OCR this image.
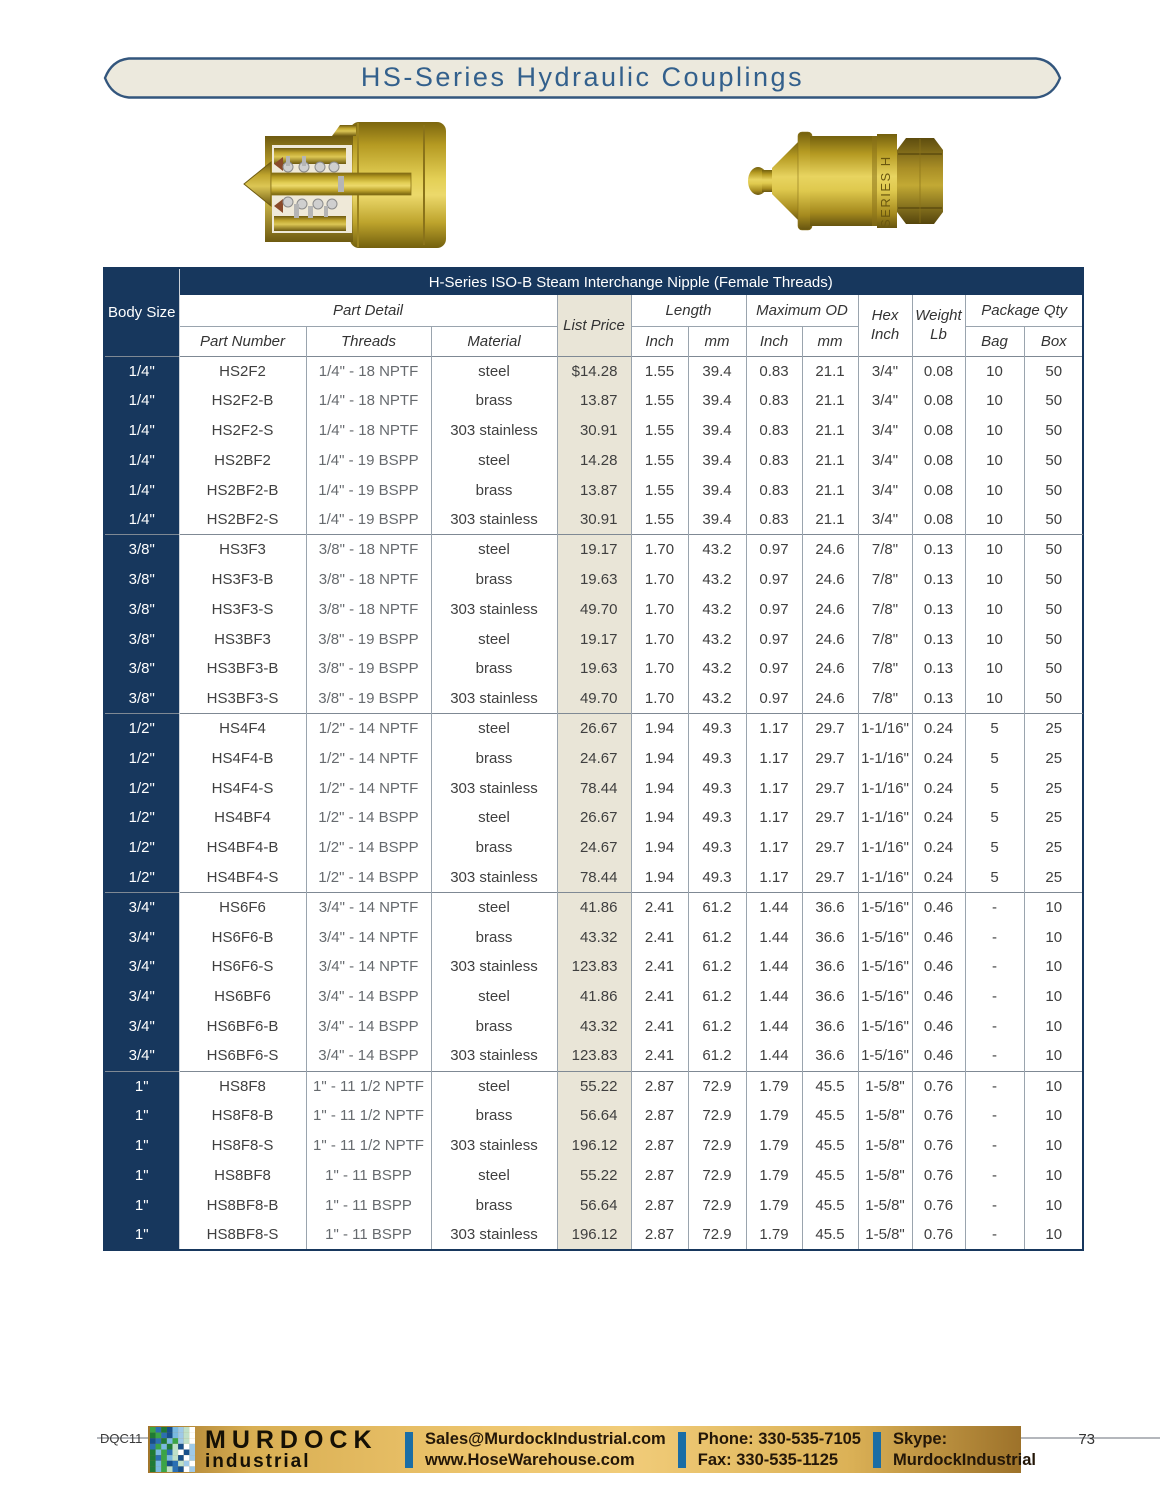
HS-Series Hydraulic Couplings
SERIES H
Body Size	H-Series ISO-B Steam Interchange Nipple (Female Threads)											
	Part Detail			List Price	Length		Maximum OD		Hex Inch	Weight Lb	Package Qty	
	Part Number	Threads	Material		Inch	mm	Inch	mm			Bag	Box
1/4"	HS2F2	1/4" - 18 NPTF	steel	$14.28	1.55	39.4	0.83	21.1	3/4"	0.08	10	50
1/4"	HS2F2-B	1/4" - 18 NPTF	brass	13.87	1.55	39.4	0.83	21.1	3/4"	0.08	10	50
1/4"	HS2F2-S	1/4" - 18 NPTF	303 stainless	30.91	1.55	39.4	0.83	21.1	3/4"	0.08	10	50
1/4"	HS2BF2	1/4" - 19 BSPP	steel	14.28	1.55	39.4	0.83	21.1	3/4"	0.08	10	50
1/4"	HS2BF2-B	1/4" - 19 BSPP	brass	13.87	1.55	39.4	0.83	21.1	3/4"	0.08	10	50
1/4"	HS2BF2-S	1/4" - 19 BSPP	303 stainless	30.91	1.55	39.4	0.83	21.1	3/4"	0.08	10	50
3/8"	HS3F3	3/8" - 18 NPTF	steel	19.17	1.70	43.2	0.97	24.6	7/8"	0.13	10	50
3/8"	HS3F3-B	3/8" - 18 NPTF	brass	19.63	1.70	43.2	0.97	24.6	7/8"	0.13	10	50
3/8"	HS3F3-S	3/8" - 18 NPTF	303 stainless	49.70	1.70	43.2	0.97	24.6	7/8"	0.13	10	50
3/8"	HS3BF3	3/8" - 19 BSPP	steel	19.17	1.70	43.2	0.97	24.6	7/8"	0.13	10	50
3/8"	HS3BF3-B	3/8" - 19 BSPP	brass	19.63	1.70	43.2	0.97	24.6	7/8"	0.13	10	50
3/8"	HS3BF3-S	3/8" - 19 BSPP	303 stainless	49.70	1.70	43.2	0.97	24.6	7/8"	0.13	10	50
1/2"	HS4F4	1/2" - 14 NPTF	steel	26.67	1.94	49.3	1.17	29.7	1-1/16"	0.24	5	25
1/2"	HS4F4-B	1/2" - 14 NPTF	brass	24.67	1.94	49.3	1.17	29.7	1-1/16"	0.24	5	25
1/2"	HS4F4-S	1/2" - 14 NPTF	303 stainless	78.44	1.94	49.3	1.17	29.7	1-1/16"	0.24	5	25
1/2"	HS4BF4	1/2" - 14 BSPP	steel	26.67	1.94	49.3	1.17	29.7	1-1/16"	0.24	5	25
1/2"	HS4BF4-B	1/2" - 14 BSPP	brass	24.67	1.94	49.3	1.17	29.7	1-1/16"	0.24	5	25
1/2"	HS4BF4-S	1/2" - 14 BSPP	303 stainless	78.44	1.94	49.3	1.17	29.7	1-1/16"	0.24	5	25
3/4"	HS6F6	3/4" - 14 NPTF	steel	41.86	2.41	61.2	1.44	36.6	1-5/16"	0.46	-	10
3/4"	HS6F6-B	3/4" - 14 NPTF	brass	43.32	2.41	61.2	1.44	36.6	1-5/16"	0.46	-	10
3/4"	HS6F6-S	3/4" - 14 NPTF	303 stainless	123.83	2.41	61.2	1.44	36.6	1-5/16"	0.46	-	10
3/4"	HS6BF6	3/4" - 14 BSPP	steel	41.86	2.41	61.2	1.44	36.6	1-5/16"	0.46	-	10
3/4"	HS6BF6-B	3/4" - 14 BSPP	brass	43.32	2.41	61.2	1.44	36.6	1-5/16"	0.46	-	10
3/4"	HS6BF6-S	3/4" - 14 BSPP	303 stainless	123.83	2.41	61.2	1.44	36.6	1-5/16"	0.46	-	10
1"	HS8F8	1" - 11 1/2 NPTF	steel	55.22	2.87	72.9	1.79	45.5	1-5/8"	0.76	-	10
1"	HS8F8-B	1" - 11 1/2 NPTF	brass	56.64	2.87	72.9	1.79	45.5	1-5/8"	0.76	-	10
1"	HS8F8-S	1" - 11 1/2 NPTF	303 stainless	196.12	2.87	72.9	1.79	45.5	1-5/8"	0.76	-	10
1"	HS8BF8	1" - 11 BSPP	steel	55.22	2.87	72.9	1.79	45.5	1-5/8"	0.76	-	10
1"	HS8BF8-B	1" - 11 BSPP	brass	56.64	2.87	72.9	1.79	45.5	1-5/8"	0.76	-	10
1"	HS8BF8-S	1" - 11 BSPP	303 stainless	196.12	2.87	72.9	1.79	45.5	1-5/8"	0.76	-	10
DQC11	73
MURDOCK
industrial
Sales@MurdockIndustrial.com
www.HoseWarehouse.com
Phone: 330-535-7105
Fax: 330-535-1125
Skype:
MurdockIndustrial
